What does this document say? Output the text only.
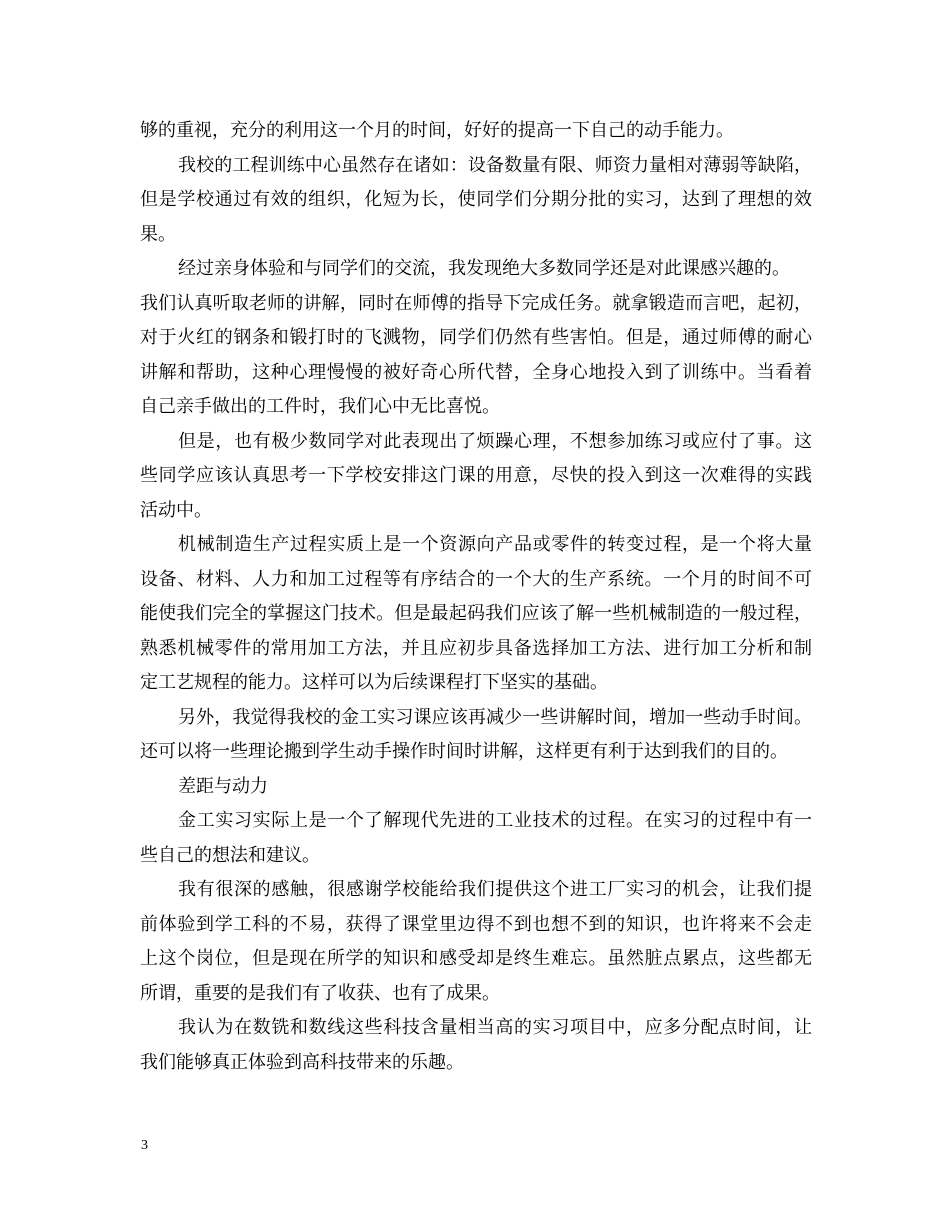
够的重视，充分的利用这一个月的时间，好好的提高一下自己的动手能力。
我校的工程训练中心虽然存在诸如：设备数量有限、师资力量相对薄弱等缺陷，
但是学校通过有效的组织，化短为长，使同学们分期分批的实习，达到了理想的效
果。
经过亲身体验和与同学们的交流，我发现绝大多数同学还是对此课感兴趣的。
我们认真听取老师的讲解，同时在师傅的指导下完成任务。就拿锻造而言吧，起初，
对于火红的钢条和锻打时的飞溅物，同学们仍然有些害怕。但是，通过师傅的耐心
讲解和帮助，这种心理慢慢的被好奇心所代替，全身心地投入到了训练中。当看着
自己亲手做出的工件时，我们心中无比喜悦。
但是，也有极少数同学对此表现出了烦躁心理，不想参加练习或应付了事。这
些同学应该认真思考一下学校安排这门课的用意，尽快的投入到这一次难得的实践
活动中。
机械制造生产过程实质上是一个资源向产品或零件的转变过程，是一个将大量
设备、材料、人力和加工过程等有序结合的一个大的生产系统。一个月的时间不可
能使我们完全的掌握这门技术。但是最起码我们应该了解一些机械制造的一般过程，
熟悉机械零件的常用加工方法，并且应初步具备选择加工方法、进行加工分析和制
定工艺规程的能力。这样可以为后续课程打下坚实的基础。
另外，我觉得我校的金工实习课应该再减少一些讲解时间，增加一些动手时间。
还可以将一些理论搬到学生动手操作时间时讲解，这样更有利于达到我们的目的。
差距与动力
金工实习实际上是一个了解现代先进的工业技术的过程。在实习的过程中有一
些自己的想法和建议。
我有很深的感触，很感谢学校能给我们提供这个进工厂实习的机会，让我们提
前体验到学工科的不易，获得了课堂里边得不到也想不到的知识，也许将来不会走
上这个岗位，但是现在所学的知识和感受却是终生难忘。虽然脏点累点，这些都无
所谓，重要的是我们有了收获、也有了成果。
我认为在数铣和数线这些科技含量相当高的实习项目中，应多分配点时间，让
我们能够真正体验到高科技带来的乐趣。
3
